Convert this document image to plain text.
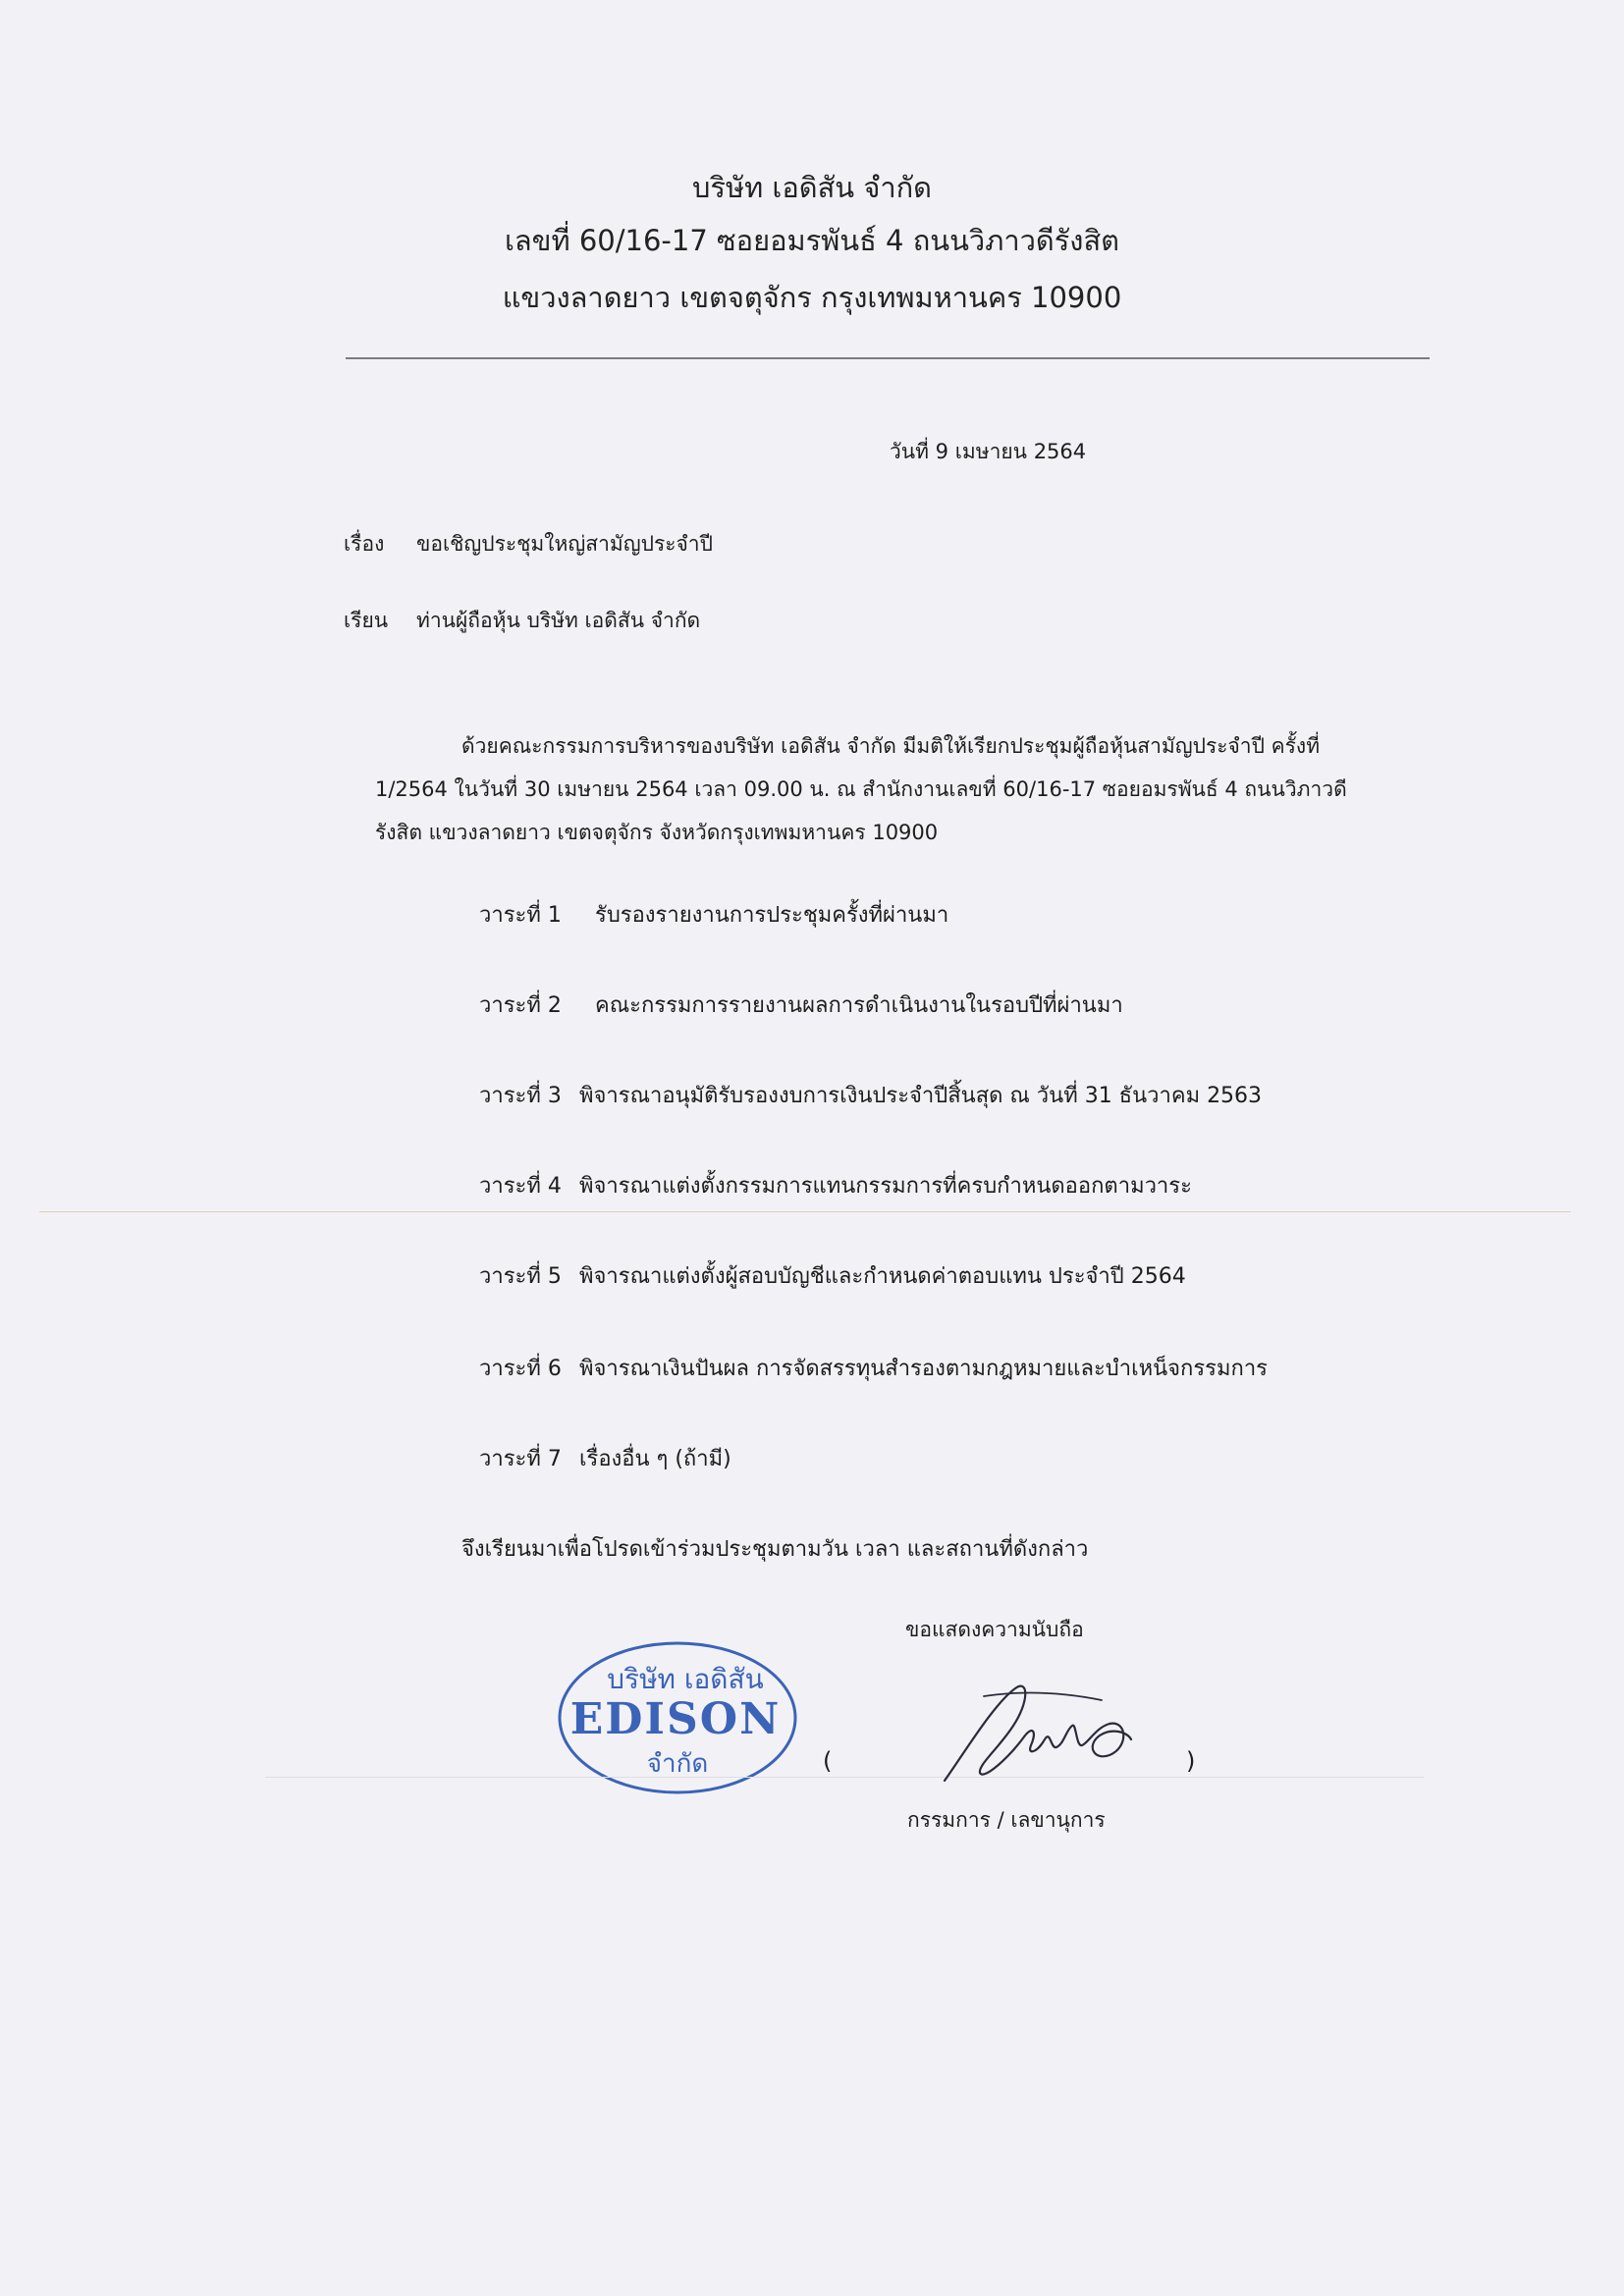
บริษัท เอดิสัน จำกัด
เลขที่ 60/16-17 ซอยอมรพันธ์ 4 ถนนวิภาวดีรังสิต
แขวงลาดยาว เขตจตุจักร กรุงเทพมหานคร 10900
วันที่ 9 เมษายน 2564
เรื่อง ขอเชิญประชุมใหญ่สามัญประจำปี
เรียน ท่านผู้ถือหุ้น บริษัท เอดิสัน จำกัด
ด้วยคณะกรรมการบริหารของบริษัท เอดิสัน จำกัด มีมติให้เรียกประชุมผู้ถือหุ้นสามัญประจำปี ครั้งที่
1/2564 ในวันที่ 30 เมษายน 2564 เวลา 09.00 น. ณ สำนักงานเลขที่ 60/16-17 ซอยอมรพันธ์ 4 ถนนวิภาวดี
รังสิต แขวงลาดยาว เขตจตุจักร จังหวัดกรุงเทพมหานคร 10900
วาระที่ 1 รับรองรายงานการประชุมครั้งที่ผ่านมา
วาระที่ 2 คณะกรรมการรายงานผลการดำเนินงานในรอบปีที่ผ่านมา
วาระที่ 3 พิจารณาอนุมัติรับรองงบการเงินประจำปีสิ้นสุด ณ วันที่ 31 ธันวาคม 2563
วาระที่ 4 พิจารณาแต่งตั้งกรรมการแทนกรรมการที่ครบกำหนดออกตามวาระ
วาระที่ 5 พิจารณาแต่งตั้งผู้สอบบัญชีและกำหนดค่าตอบแทน ประจำปี 2564
วาระที่ 6 พิจารณาเงินปันผล การจัดสรรทุนสำรองตามกฎหมายและบำเหน็จกรรมการ
วาระที่ 7 เรื่องอื่น ๆ (ถ้ามี)
จึงเรียนมาเพื่อโปรดเข้าร่วมประชุมตามวัน เวลา และสถานที่ดังกล่าว
ขอแสดงความนับถือ
บริษัท เอดิสัน
EDISON
จำกัด	(	)
กรรมการ / เลขานุการ
